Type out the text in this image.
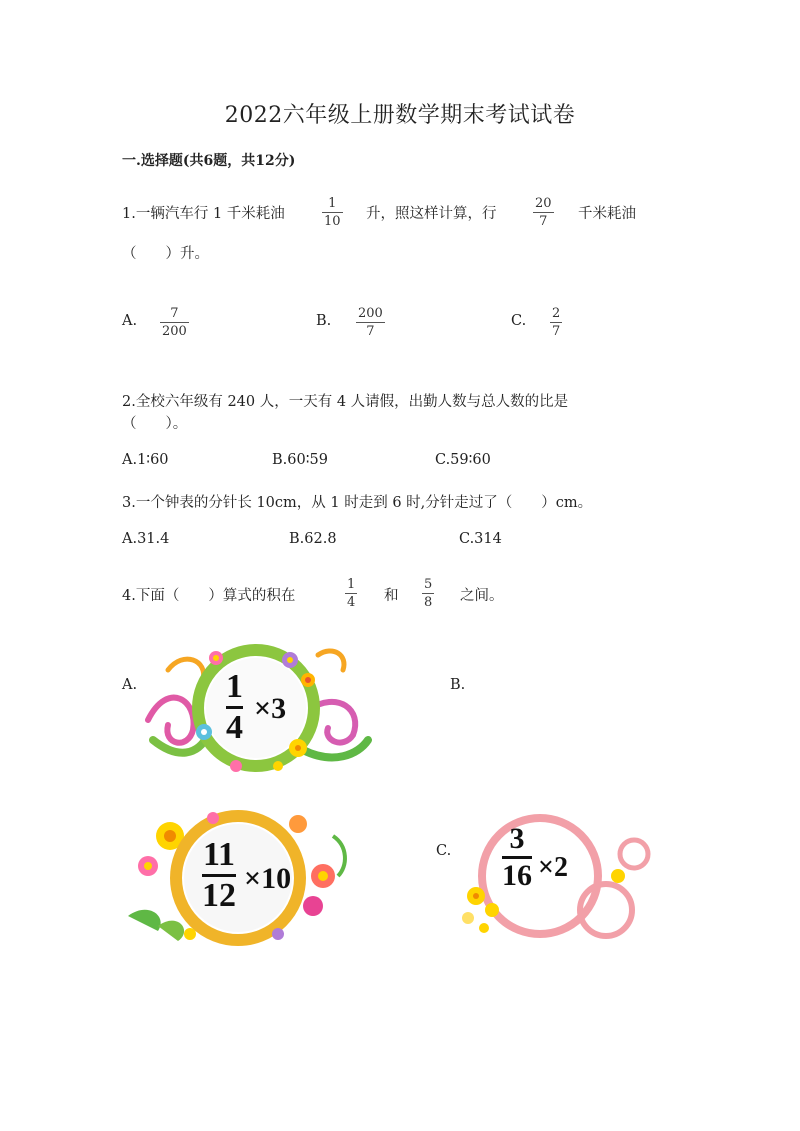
2022六年级上册数学期末考试试卷
一.选择题(共6题，共12分)
1.一辆汽车行 1 千米耗油
1
10 升，照这样计算，行
20
7 千米耗油
（　　）升。
A.	7
200
B. 200
7
C. 2
7
2.全校六年级有 240 人，一天有 4 人请假，出勤人数与总人数的比是
（　　）。
A.1∶60	B.60∶59	C.59∶60
3.一个钟表的分针长 10cm，从 1 时走到 6 时,分针走过了（　　）cm。
A.31.4	B.62.8	C.314
4.下面（　　）算式的积在
1
4 和
5
8 之间。
A.	B.
C.
1
4
×3
11
12 ×10
3
16 ×2
